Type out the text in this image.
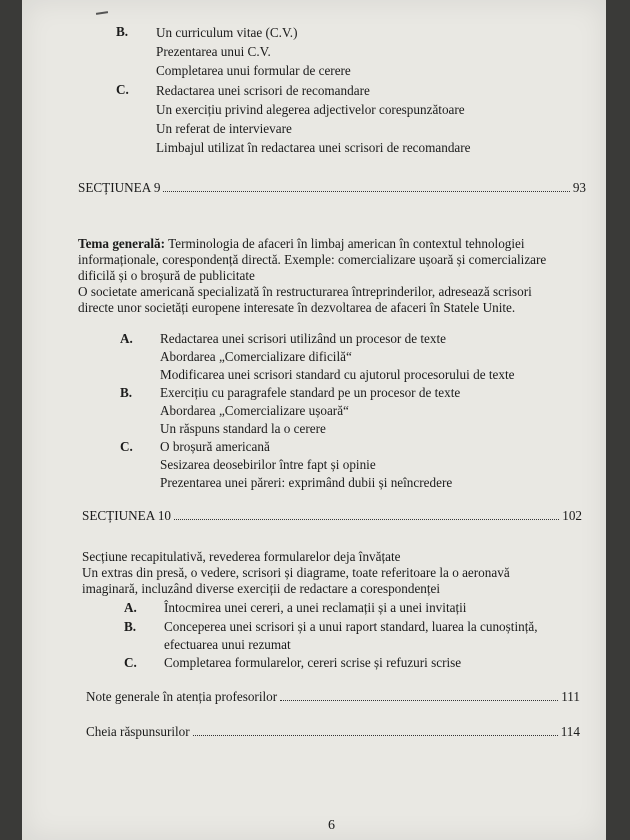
B. Un curriculum vitae (C.V.)
Prezentarea unui C.V.
Completarea unui formular de cerere
C. Redactarea unei scrisori de recomandare
Un exercițiu privind alegerea adjectivelor corespunzătoare
Un referat de intervievare
Limbajul utilizat în redactarea unei scrisori de recomandare
SECȚIUNEA 9	93
Tema generală: Terminologia de afaceri în limbaj american în contextul tehnologiei
informaționale, corespondență directă. Exemple: comercializare ușoară și comercializare
dificilă și o broșură de publicitate
O societate americană specializată în restructurarea întreprinderilor, adresează scrisori
directe unor societăți europene interesate în dezvoltarea de afaceri în Statele Unite.
A. Redactarea unei scrisori utilizând un procesor de texte
Abordarea „Comercializare dificilă“
Modificarea unei scrisori standard cu ajutorul procesorului de texte
B. Exercițiu cu paragrafele standard pe un procesor de texte
Abordarea „Comercializare ușoară“
Un răspuns standard la o cerere
C. O broșură americană
Sesizarea deosebirilor între fapt și opinie
Prezentarea unei păreri: exprimând dubii și neîncredere
SECȚIUNEA 10	102
Secțiune recapitulativă, revederea formularelor deja învățate
Un extras din presă, o vedere, scrisori și diagrame, toate referitoare la o aeronavă
imaginară, incluzând diverse exerciții de redactare a corespondenței
A. Întocmirea unei cereri, a unei reclamații și a unei invitații
B. Conceperea unei scrisori și a unui raport standard, luarea la cunoștință,
efectuarea unui rezumat
C. Completarea formularelor, cereri scrise și refuzuri scrise
Note generale în atenția profesorilor	111
Cheia răspunsurilor	114
6
